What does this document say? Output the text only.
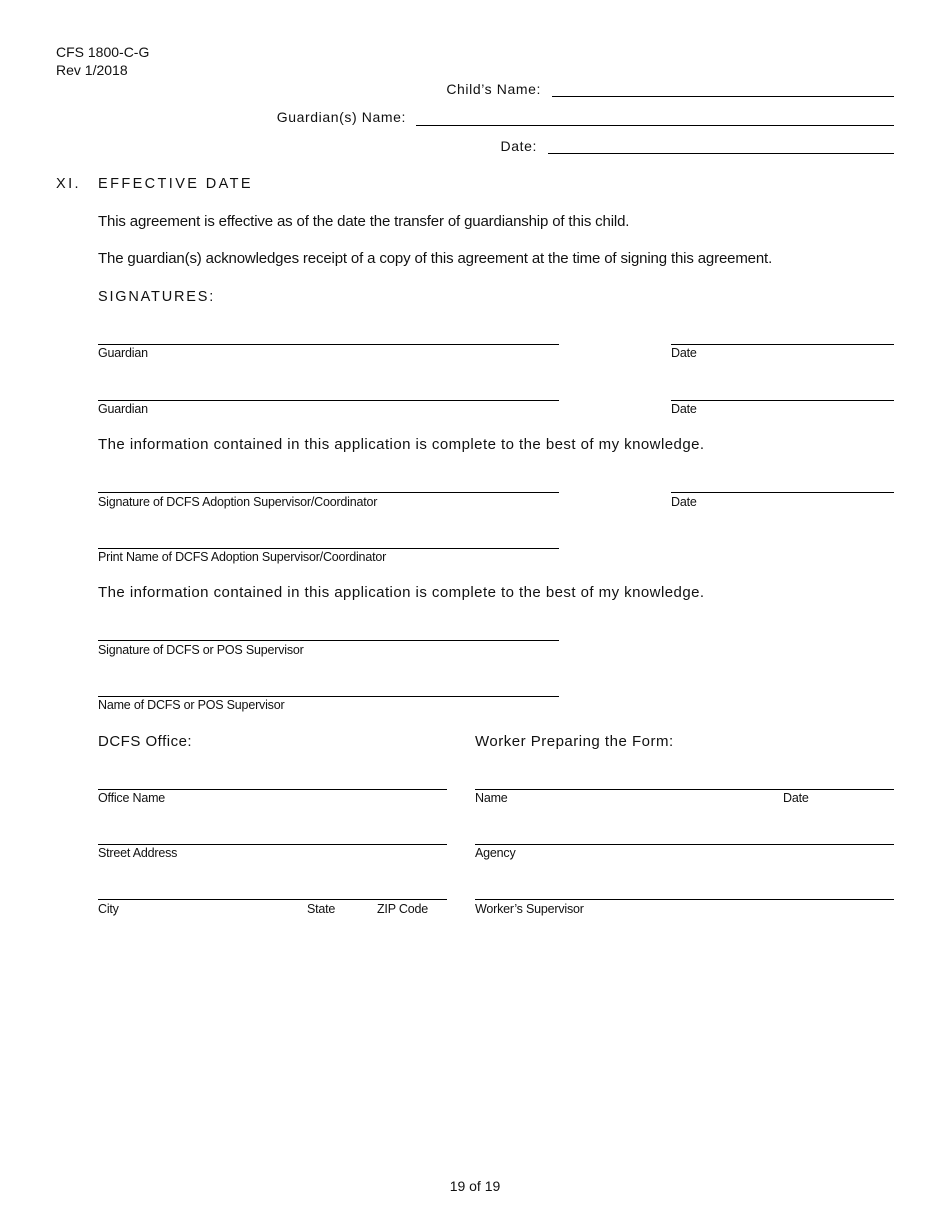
CFS 1800-C-G
Rev 1/2018
Child’s Name:
Guardian(s) Name:
Date:
XI. EFFECTIVE DATE
This agreement is effective as of the date the transfer of guardianship of this child.
The guardian(s) acknowledges receipt of a copy of this agreement at the time of signing this agreement.
SIGNATURES:
Guardian	Date
Guardian	Date
The information contained in this application is complete to the best of my knowledge.
Signature of DCFS Adoption Supervisor/Coordinator	Date
Print Name of DCFS Adoption Supervisor/Coordinator
The information contained in this application is complete to the best of my knowledge.
Signature of DCFS or POS Supervisor
Name of DCFS or POS Supervisor
DCFS Office:
Office Name
Street Address
City	State	ZIP Code
Worker Preparing the Form:
Name	Date
Agency
Worker’s Supervisor
19 of 19
